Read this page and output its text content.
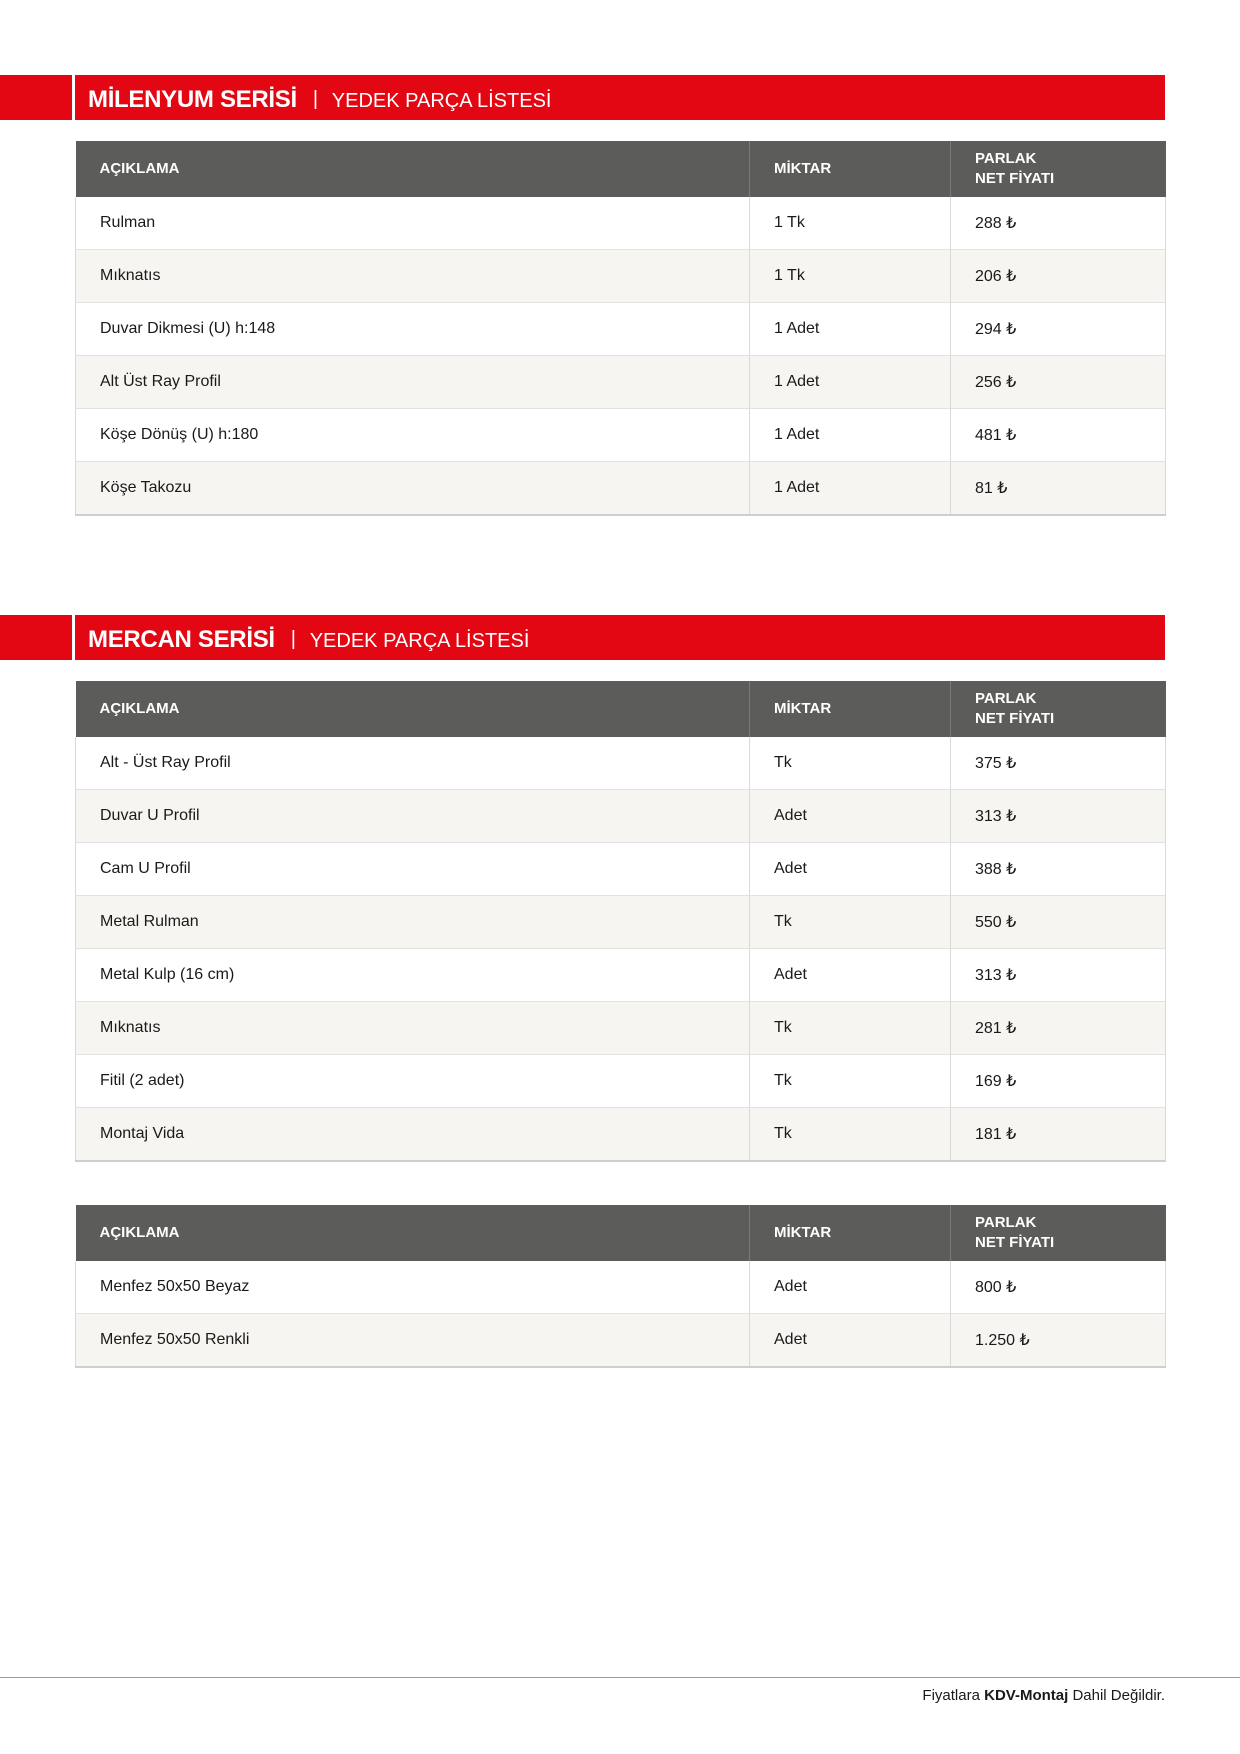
MİLENYUM SERİSİ | YEDEK PARÇA LİSTESİ
AÇIKLAMA	MİKTAR	PARLAK
NET FİYATI
Rulman	1 Tk	288 ₺
Mıknatıs	1 Tk	206 ₺
Duvar Dikmesi (U) h:148	1 Adet	294 ₺
Alt Üst Ray Profil	1 Adet	256 ₺
Köşe Dönüş (U) h:180	1 Adet	481 ₺
Köşe Takozu	1 Adet	81 ₺
MERCAN SERİSİ | YEDEK PARÇA LİSTESİ
AÇIKLAMA	MİKTAR	PARLAK
NET FİYATI
Alt - Üst Ray Profil	Tk	375 ₺
Duvar U Profil	Adet	313 ₺
Cam U Profil	Adet	388 ₺
Metal Rulman	Tk	550 ₺
Metal Kulp (16 cm)	Adet	313 ₺
Mıknatıs	Tk	281 ₺
Fitil (2 adet)	Tk	169 ₺
Montaj Vida	Tk	181 ₺
AÇIKLAMA	MİKTAR	PARLAK
NET FİYATI
Menfez 50x50 Beyaz	Adet	800 ₺
Menfez 50x50 Renkli	Adet	1.250 ₺
Fiyatlara KDV-Montaj Dahil Değildir.
